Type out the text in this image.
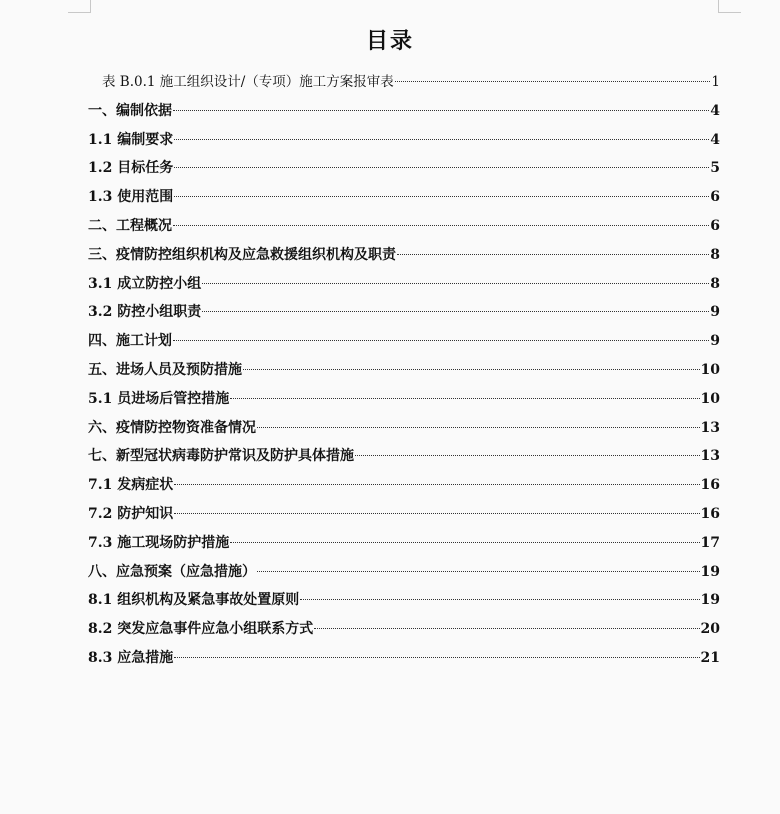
目录
表 B.0.1 施工组织设计/（专项）施工方案报审表	1
一、编制依据	4
1.1 编制要求	4
1.2 目标任务	5
1.3 使用范围	6
二、工程概况	6
三、疫情防控组织机构及应急救援组织机构及职责	8
3.1 成立防控小组	8
3.2 防控小组职责	9
四、施工计划	9
五、进场人员及预防措施	10
5.1 员进场后管控措施	10
六、疫情防控物资准备情况	13
七、新型冠状病毒防护常识及防护具体措施	13
7.1 发病症状	16
7.2 防护知识	16
7.3 施工现场防护措施	17
八、应急预案（应急措施）	19
8.1 组织机构及紧急事故处置原则	19
8.2 突发应急事件应急小组联系方式	20
8.3 应急措施	21
